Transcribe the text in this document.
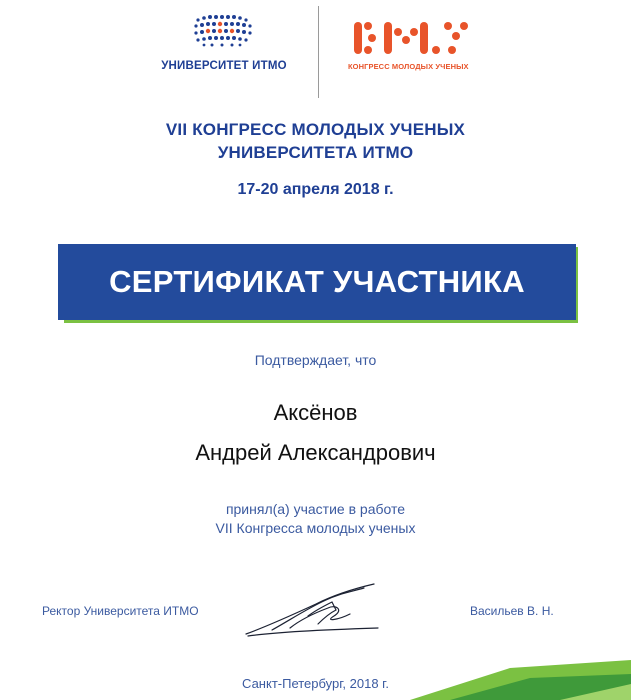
УНИВЕРСИТЕТ ИТМО	КОНГРЕСС МОЛОДЫХ УЧЕНЫХ
VII КОНГРЕСС МОЛОДЫХ УЧЕНЫХ
УНИВЕРСИТЕТА ИТМО
17-20 апреля 2018 г.
СЕРТИФИКАТ УЧАСТНИКА
Подтверждает, что
Аксёнов
Андрей Александрович
принял(а) участие в работе
VII Конгресса молодых ученых
Ректор Университета ИТМО	Васильев В. Н.
Санкт-Петербург, 2018 г.
